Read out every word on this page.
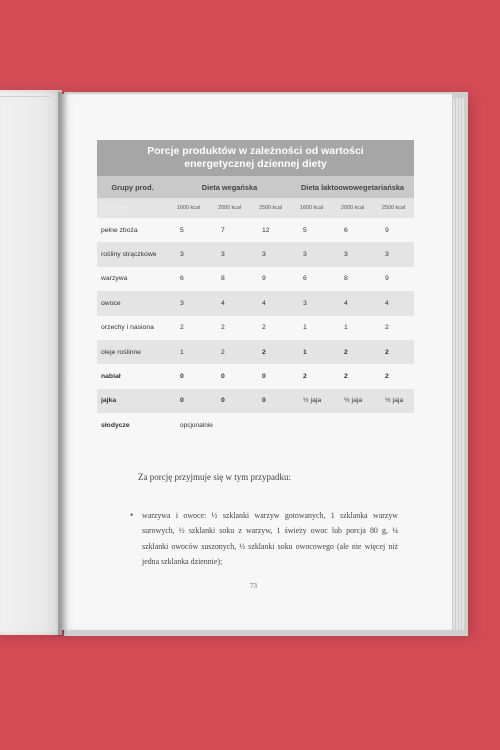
Porcje produktów w zależności od wartości energetycznej dziennej diety
Grupy prod.	Dieta wegańska	Dieta laktoowowegetariańska
Wartość en.	1600 kcal	2000 kcal	2500 kcal	1600 kcal	2000 kcal	2500 kcal
pełne zboża	5	7	12	5	6	9
rośliny strączkowe	3	3	3	3	3	3
warzywa	6	8	9	6	8	9
owoce	3	4	4	3	4	4
orzechy i nasiona	2	2	2	1	1	2
oleje roślinne	1	2	2	1	2	2
nabiał	0	0	0	2	2	2
jajka	0	0	0	½ jaja	½ jaja	½ jaja
słodycze	opcjonalnie

Za porcję przyjmuje się w tym przypadku:

•	warzywa i owoce: ½ szklanki warzyw gotowanych, 1 szklanka warzyw surowych, ½ szklanki soku z warzyw, 1 świeży owoc lub porcja 80 g, ¼ szklanki owoców suszonych, ½ szklanki soku owocowego (ale nie więcej niż jedna szklanka dziennie);
73
